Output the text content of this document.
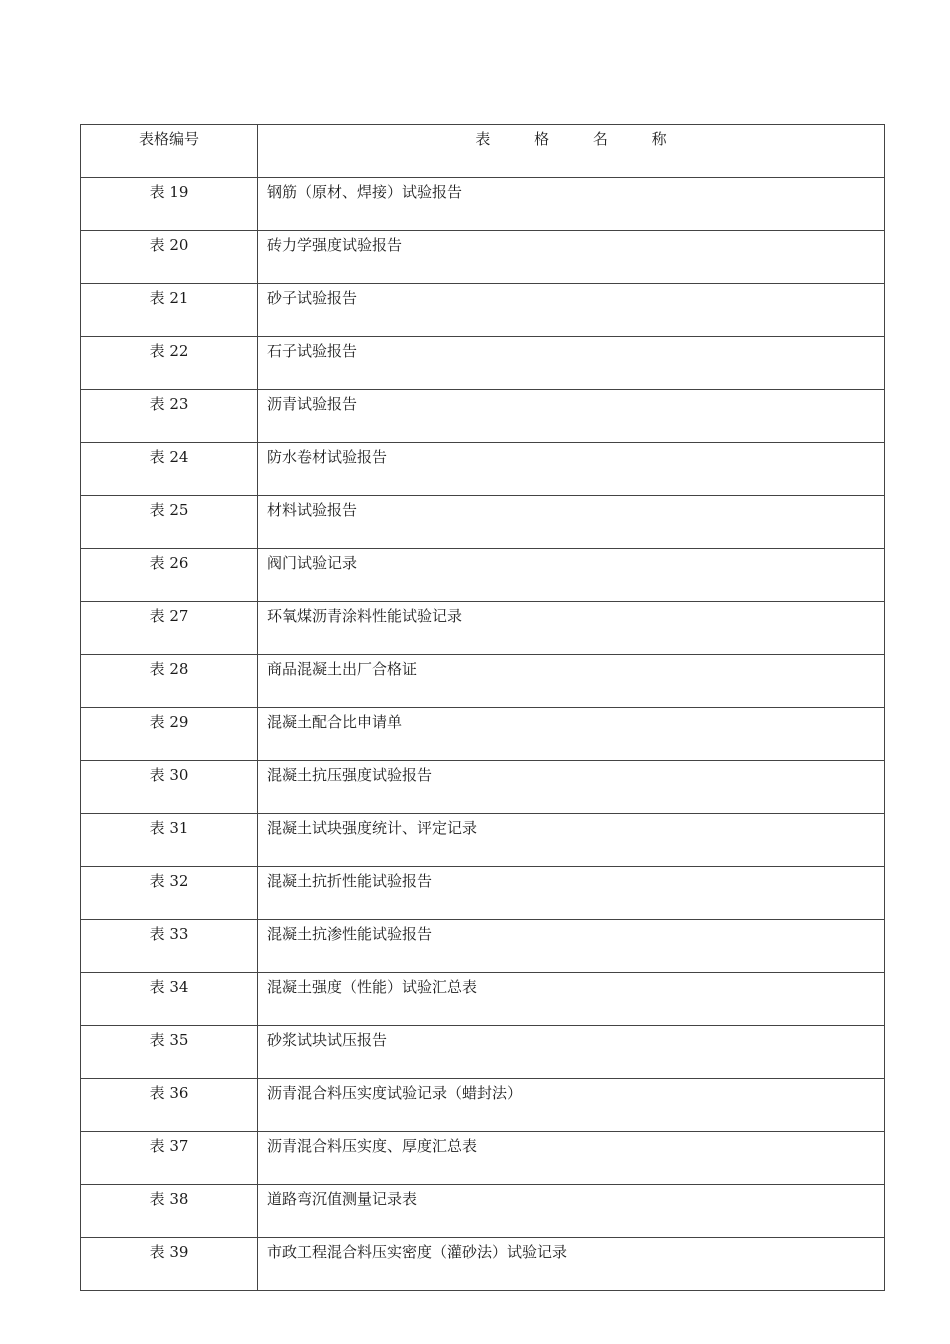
表格编号	表 格 名 称
表 19	钢筋（原材、焊接）试验报告
表 20	砖力学强度试验报告
表 21	砂子试验报告
表 22	石子试验报告
表 23	沥青试验报告
表 24	防水卷材试验报告
表 25	材料试验报告
表 26	阀门试验记录
表 27	环氧煤沥青涂料性能试验记录
表 28	商品混凝土出厂合格证
表 29	混凝土配合比申请单
表 30	混凝土抗压强度试验报告
表 31	混凝土试块强度统计、评定记录
表 32	混凝土抗折性能试验报告
表 33	混凝土抗渗性能试验报告
表 34	混凝土强度（性能）试验汇总表
表 35	砂浆试块试压报告
表 36	沥青混合料压实度试验记录（蜡封法）
表 37	沥青混合料压实度、厚度汇总表
表 38	道路弯沉值测量记录表
表 39	市政工程混合料压实密度（灌砂法）试验记录
